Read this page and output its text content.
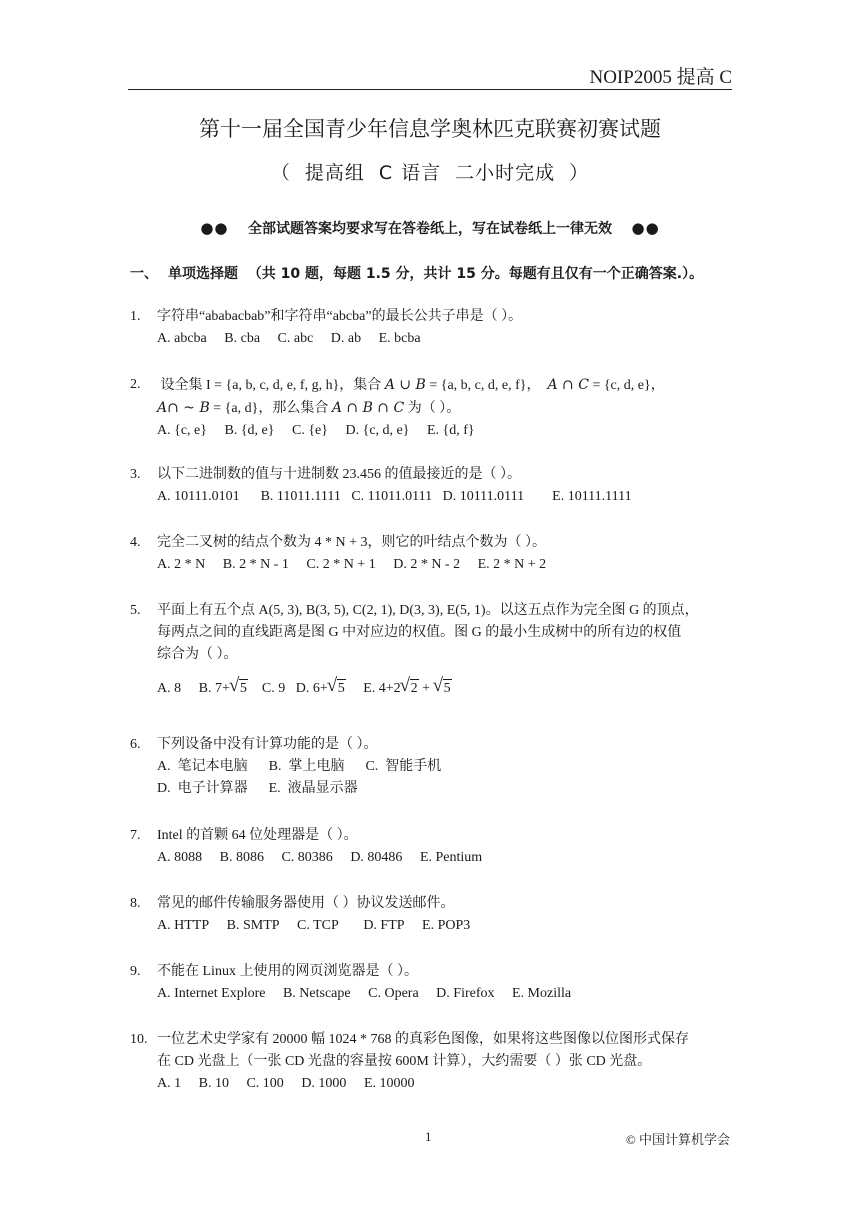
NOIP2005 提高 C
第十一届全国青少年信息学奥林匹克联赛初赛试题
（ 提高组 C 语言 二小时完成 ）
●● 全部试题答案均要求写在答卷纸上，写在试卷纸上一律无效 ●●
一、 单项选择题 （共 10 题，每题 1.5 分，共计 15 分。每题有且仅有一个正确答案.）。
1. 字符串“ababacbab”和字符串“abcba”的最长公共子串是（ ）。
A. abcba B. cba C. abc D. ab E. bcba
2. 设全集 I = {a, b, c, d, e, f, g, h}，集合 A ∪ B = {a, b, c, d, e, f}， A ∩ C = {c, d, e}，
A∩ ~ B = {a, d}，那么集合 A ∩ B ∩ C 为（ ）。
A. {c, e} B. {d, e} C. {e} D. {c, d, e} E. {d, f}
3. 以下二进制数的值与十进制数 23.456 的值最接近的是（ ）。
A. 10111.0101 B. 11011.1111 C. 11011.0111 D. 10111.0111 E. 10111.1111
4. 完全二叉树的结点个数为 4 * N + 3，则它的叶结点个数为（ ）。
A. 2 * N B. 2 * N - 1 C. 2 * N + 1 D. 2 * N - 2 E. 2 * N + 2
5. 平面上有五个点 A(5, 3), B(3, 5), C(2, 1), D(3, 3), E(5, 1)。以这五点作为完全图 G 的顶点，
每两点之间的直线距离是图 G 中对应边的权值。图 G 的最小生成树中的所有边的权值
综合为（ ）。
A. 8 B. 7+ √ 5 C. 9 D. 6+ √ 5 E. 4+2 √ 2 + √ 5
6. 下列设备中没有计算功能的是（ ）。
A.  笔记本电脑 B.  掌上电脑 C.  智能手机
D.  电子计算器 E.  液晶显示器
7. Intel 的首颗 64 位处理器是（ ）。
A. 8088 B. 8086 C. 80386 D. 80486 E. Pentium
8. 常见的邮件传输服务器使用（ ）协议发送邮件。
A. HTTP B. SMTP C. TCP D. FTP E. POP3
9. 不能在 Linux 上使用的网页浏览器是（ ）。
A. Internet Explore B. Netscape C. Opera D. Firefox E. Mozilla
10. 一位艺术史学家有 20000 幅 1024 * 768 的真彩色图像，如果将这些图像以位图形式保存
在 CD 光盘上（一张 CD 光盘的容量按 600M 计算），大约需要（ ）张 CD 光盘。
A. 1 B. 10 C. 100 D. 1000 E. 10000
1	© 中国计算机学会
